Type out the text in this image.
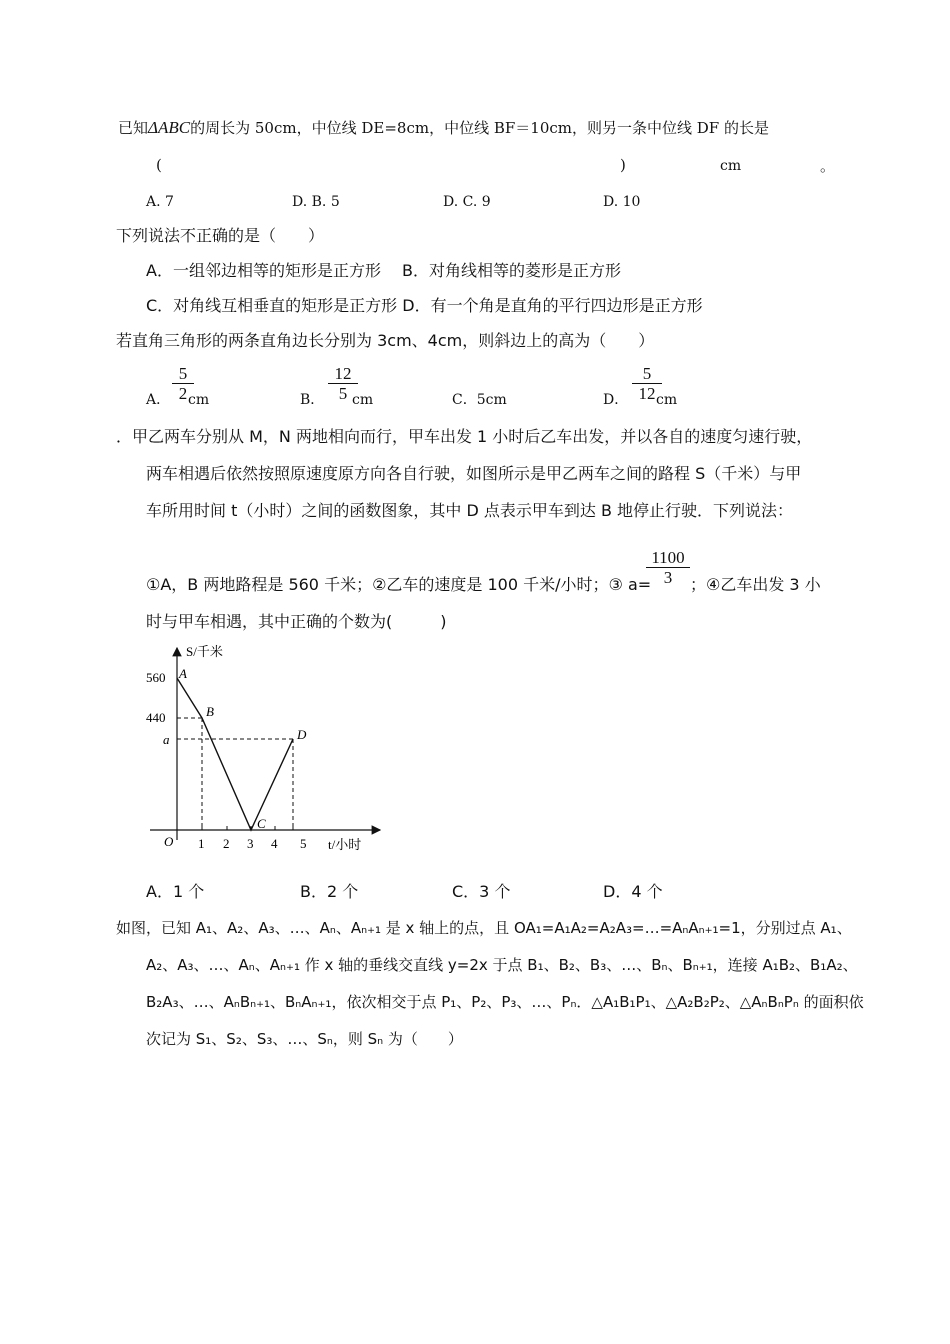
已知ΔABC的周长为 50cm，中位线 DE=8cm，中位线 BF＝10cm，则另一条中位线 DF 的长是
(	)	cm	。
A. 7	D. B. 5	D. C. 9	D. 10
下列说法不正确的是（　　）
A．一组邻边相等的矩形是正方形　 B．对角线相等的菱形是正方形
C．对角线互相垂直的矩形是正方形 D．有一个角是直角的平行四边形是正方形
若直角三角形的两条直角边长分别为 3cm、4cm，则斜边上的高为（　　）
A．
5
2 cm	B．
12
5 cm	C．5cm	D．
5
12 cm
．甲乙两车分别从 M，N 两地相向而行，甲车出发 1 小时后乙车出发，并以各自的速度匀速行驶，
两车相遇后依然按照原速度原方向各自行驶，如图所示是甲乙两车之间的路程 S（千米）与甲
车所用时间 t（小时）之间的函数图象，其中 D 点表示甲车到达 B 地停止行驶．下列说法：
①A，B 两地路程是 560 千米；②乙车的速度是 100 千米/小时；③ a=
1100
3	；④乙车出发 3 小
时与甲车相遇，其中正确的个数为(　　　)
S/千米
t/小时
O
560
440
a
1 2 3 4 5
A
B
C
D
A．1 个	B．2 个	C．3 个	D．4 个
如图，已知 A₁、A₂、A₃、…、Aₙ、Aₙ₊₁ 是 x 轴上的点，且 OA₁=A₁A₂=A₂A₃=…=AₙAₙ₊₁=1，分别过点 A₁、
A₂、A₃、…、Aₙ、Aₙ₊₁ 作 x 轴的垂线交直线 y=2x 于点 B₁、B₂、B₃、…、Bₙ、Bₙ₊₁，连接 A₁B₂、B₁A₂、
B₂A₃、…、AₙBₙ₊₁、BₙAₙ₊₁，依次相交于点 P₁、P₂、P₃、…、Pₙ．△A₁B₁P₁、△A₂B₂P₂、△AₙBₙPₙ 的面积依
次记为 S₁、S₂、S₃、…、Sₙ，则 Sₙ 为（　　）
